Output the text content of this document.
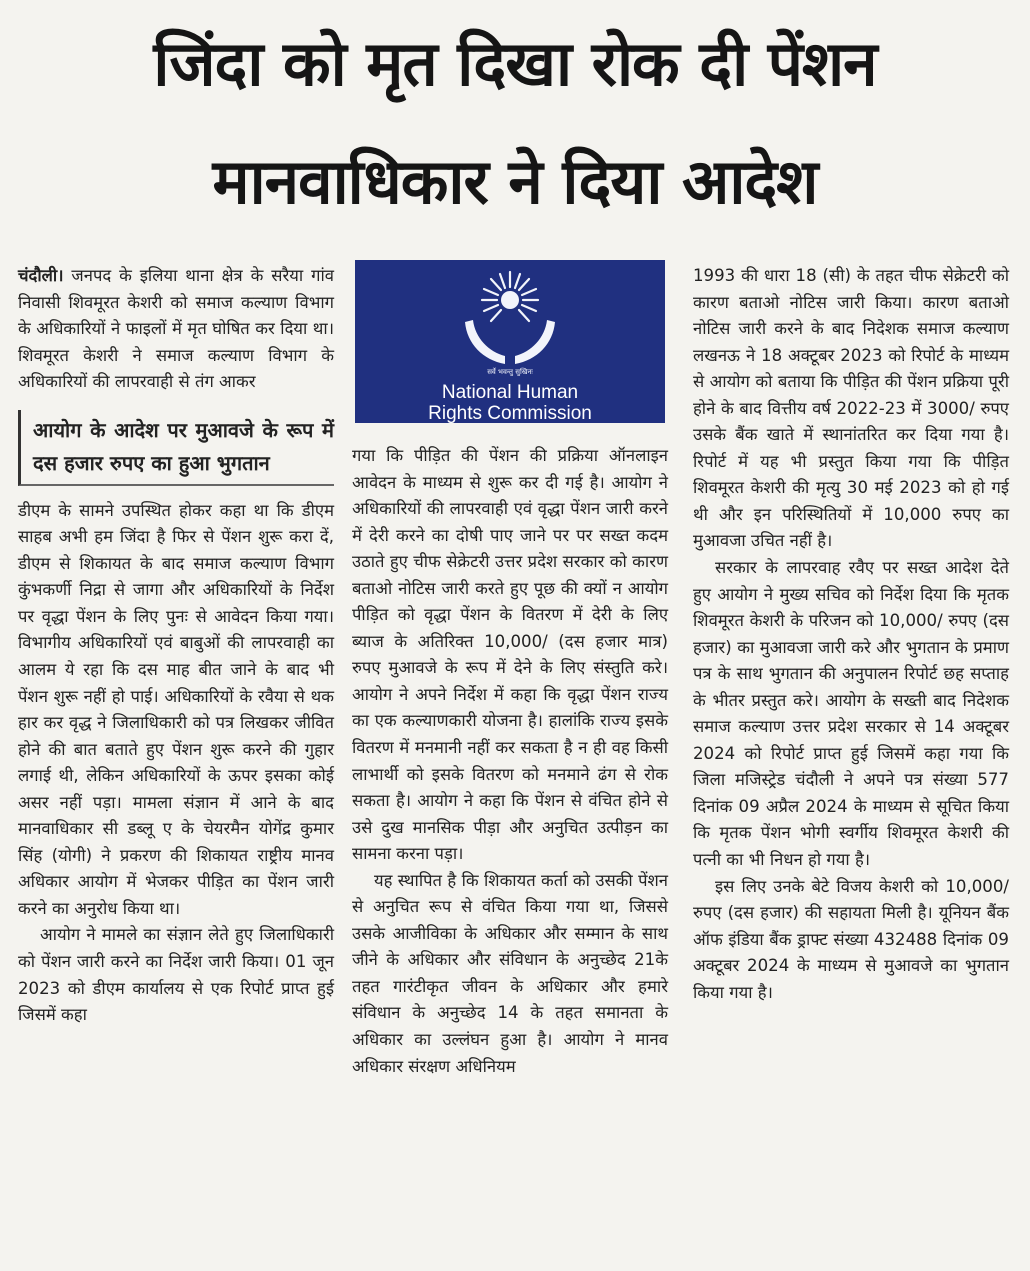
जिंदा को मृत दिखा रोक दी पेंशन
मानवाधिकार ने दिया आदेश

चंदौली। जनपद के इलिया थाना क्षेत्र के सरैया गांव निवासी शिवमूरत केशरी को समाज कल्याण विभाग के अधिकारियों ने फाइलों में मृत घोषित कर दिया था। शिवमूरत केशरी ने समाज कल्याण विभाग के अधिकारियों की लापरवाही से तंग आकर

आयोग के आदेश पर मुआवजे के रूप में दस हजार रुपए का हुआ भुगतान

डीएम के सामने उपस्थित होकर कहा था कि डीएम साहब अभी हम जिंदा है फिर से पेंशन शुरू करा दें, डीएम से शिकायत के बाद समाज कल्याण विभाग कुंभकर्णी निद्रा से जागा और अधिकारियों के निर्देश पर वृद्धा पेंशन के लिए पुनः से आवेदन किया गया। विभागीय अधिकारियों एवं बाबुओं की लापरवाही का आलम ये रहा कि दस माह बीत जाने के बाद भी पेंशन शुरू नहीं हो पाई। अधिकारियों के रवैया से थक हार कर वृद्ध ने जिलाधिकारी को पत्र लिखकर जीवित होने की बात बताते हुए पेंशन शुरू करने की गुहार लगाई थी, लेकिन अधिकारियों के ऊपर इसका कोई असर नहीं पड़ा। मामला संज्ञान में आने के बाद मानवाधिकार सी डब्लू ए के चेयरमैन योगेंद्र कुमार सिंह (योगी) ने प्रकरण की शिकायत राष्ट्रीय मानव अधिकार आयोग में भेजकर पीड़ित का पेंशन जारी करने का अनुरोध किया था।

आयोग ने मामले का संज्ञान लेते हुए जिलाधिकारी को पेंशन जारी करने का निर्देश जारी किया। 01 जून 2023 को डीएम कार्यालय से एक रिपोर्ट प्राप्त हुई जिसमें कहा

सर्वे भवन्तु सुखिनः
National Human
Rights Commission

गया कि पीड़ित की पेंशन की प्रक्रिया ऑनलाइन आवेदन के माध्यम से शुरू कर दी गई है। आयोग ने अधिकारियों की लापरवाही एवं वृद्धा पेंशन जारी करने में देरी करने का दोषी पाए जाने पर पर सख्त कदम उठाते हुए चीफ सेक्रेटरी उत्तर प्रदेश सरकार को कारण बताओ नोटिस जारी करते हुए पूछ की क्यों न आयोग पीड़ित को वृद्धा पेंशन के वितरण में देरी के लिए ब्याज के अतिरिक्त 10,000/ (दस हजार मात्र) रुपए मुआवजे के रूप में देने के लिए संस्तुति करे। आयोग ने अपने निर्देश में कहा कि वृद्धा पेंशन राज्य का एक कल्याणकारी योजना है। हालांकि राज्य इसके वितरण में मनमानी नहीं कर सकता है न ही वह किसी लाभार्थी को इसके वितरण को मनमाने ढंग से रोक सकता है। आयोग ने कहा कि पेंशन से वंचित होने से उसे दुख मानसिक पीड़ा और अनुचित उत्पीड़न का सामना करना पड़ा।

यह स्थापित है कि शिकायत कर्ता को उसकी पेंशन से अनुचित रूप से वंचित किया गया था, जिससे उसके आजीविका के अधिकार और सम्मान के साथ जीने के अधिकार और संविधान के अनुच्छेद 21के तहत गारंटीकृत जीवन के अधिकार और हमारे संविधान के अनुच्छेद 14 के तहत समानता के अधिकार का उल्लंघन हुआ है। आयोग ने मानव अधिकार संरक्षण अधिनियम

1993 की धारा 18 (सी) के तहत चीफ सेक्रेटरी को कारण बताओ नोटिस जारी किया। कारण बताओ नोटिस जारी करने के बाद निदेशक समाज कल्याण लखनऊ ने 18 अक्टूबर 2023 को रिपोर्ट के माध्यम से आयोग को बताया कि पीड़ित की पेंशन प्रक्रिया पूरी होने के बाद वित्तीय वर्ष 2022-23 में 3000/ रुपए उसके बैंक खाते में स्थानांतरित कर दिया गया है। रिपोर्ट में यह भी प्रस्तुत किया गया कि पीड़ित शिवमूरत केशरी की मृत्यु 30 मई 2023 को हो गई थी और इन परिस्थितियों में 10,000 रुपए का मुआवजा उचित नहीं है।

सरकार के लापरवाह रवैए पर सख्त आदेश देते हुए आयोग ने मुख्य सचिव को निर्देश दिया कि मृतक शिवमूरत केशरी के परिजन को 10,000/ रुपए (दस हजार) का मुआवजा जारी करे और भुगतान के प्रमाण पत्र के साथ भुगतान की अनुपालन रिपोर्ट छह सप्ताह के भीतर प्रस्तुत करे। आयोग के सख्ती बाद निदेशक समाज कल्याण उत्तर प्रदेश सरकार से 14 अक्टूबर 2024 को रिपोर्ट प्राप्त हुई जिसमें कहा गया कि जिला मजिस्ट्रेड चंदौली ने अपने पत्र संख्या 577 दिनांक 09 अप्रैल 2024 के माध्यम से सूचित किया कि मृतक पेंशन भोगी स्वर्गीय शिवमूरत केशरी की पत्नी का भी निधन हो गया है।

इस लिए उनके बेटे विजय केशरी को 10,000/ रुपए (दस हजार) की सहायता मिली है। यूनियन बैंक ऑफ इंडिया बैंक ड्राफ्ट संख्या 432488 दिनांक 09 अक्टूबर 2024 के माध्यम से मुआवजे का भुगतान किया गया है।
